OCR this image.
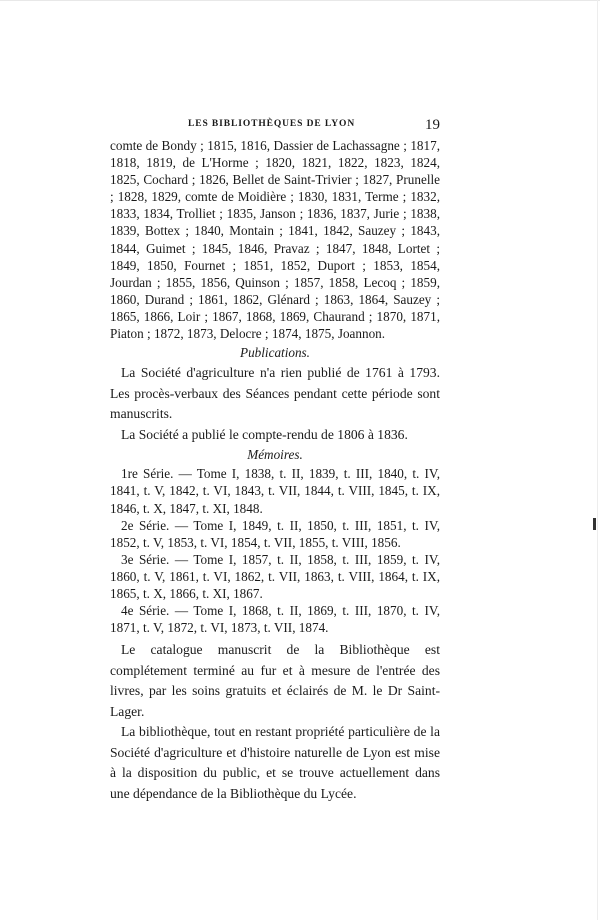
LES BIBLIOTHÈQUES DE LYON	19

comte de Bondy ; 1815, 1816, Dassier de Lachassagne ; 1817, 1818, 1819, de L'Horme ; 1820, 1821, 1822, 1823, 1824, 1825, Cochard ; 1826, Bellet de Saint-Trivier ; 1827, Prunelle ; 1828, 1829, comte de Moidière ; 1830, 1831, Terme ; 1832, 1833, 1834, Trolliet ; 1835, Janson ; 1836, 1837, Jurie ; 1838, 1839, Bottex ; 1840, Montain ; 1841, 1842, Sauzey ; 1843, 1844, Guimet ; 1845, 1846, Pravaz ; 1847, 1848, Lortet ; 1849, 1850, Fournet ; 1851, 1852, Duport ; 1853, 1854, Jourdan ; 1855, 1856, Quinson ; 1857, 1858, Lecoq ; 1859, 1860, Durand ; 1861, 1862, Glénard ; 1863, 1864, Sauzey ; 1865, 1866, Loir ; 1867, 1868, 1869, Chaurand ; 1870, 1871, Piaton ; 1872, 1873, Delocre ; 1874, 1875, Joannon.

Publications.

La Société d'agriculture n'a rien publié de 1761 à 1793. Les procès-verbaux des Séances pendant cette période sont manuscrits.

La Société a publié le compte-rendu de 1806 à 1836.

Mémoires.

1re Série. — Tome I, 1838, t. II, 1839, t. III, 1840, t. IV, 1841, t. V, 1842, t. VI, 1843, t. VII, 1844, t. VIII, 1845, t. IX, 1846, t. X, 1847, t. XI, 1848.

2e Série. — Tome I, 1849, t. II, 1850, t. III, 1851, t. IV, 1852, t. V, 1853, t. VI, 1854, t. VII, 1855, t. VIII, 1856.

3e Série. — Tome I, 1857, t. II, 1858, t. III, 1859, t. IV, 1860, t. V, 1861, t. VI, 1862, t. VII, 1863, t. VIII, 1864, t. IX, 1865, t. X, 1866, t. XI, 1867.

4e Série. — Tome I, 1868, t. II, 1869, t. III, 1870, t. IV, 1871, t. V, 1872, t. VI, 1873, t. VII, 1874.

Le catalogue manuscrit de la Bibliothèque est complétement terminé au fur et à mesure de l'entrée des livres, par les soins gratuits et éclairés de M. le Dr Saint-Lager.

La bibliothèque, tout en restant propriété particulière de la Société d'agriculture et d'histoire naturelle de Lyon est mise à la disposition du public, et se trouve actuellement dans une dépendance de la Bibliothèque du Lycée.
